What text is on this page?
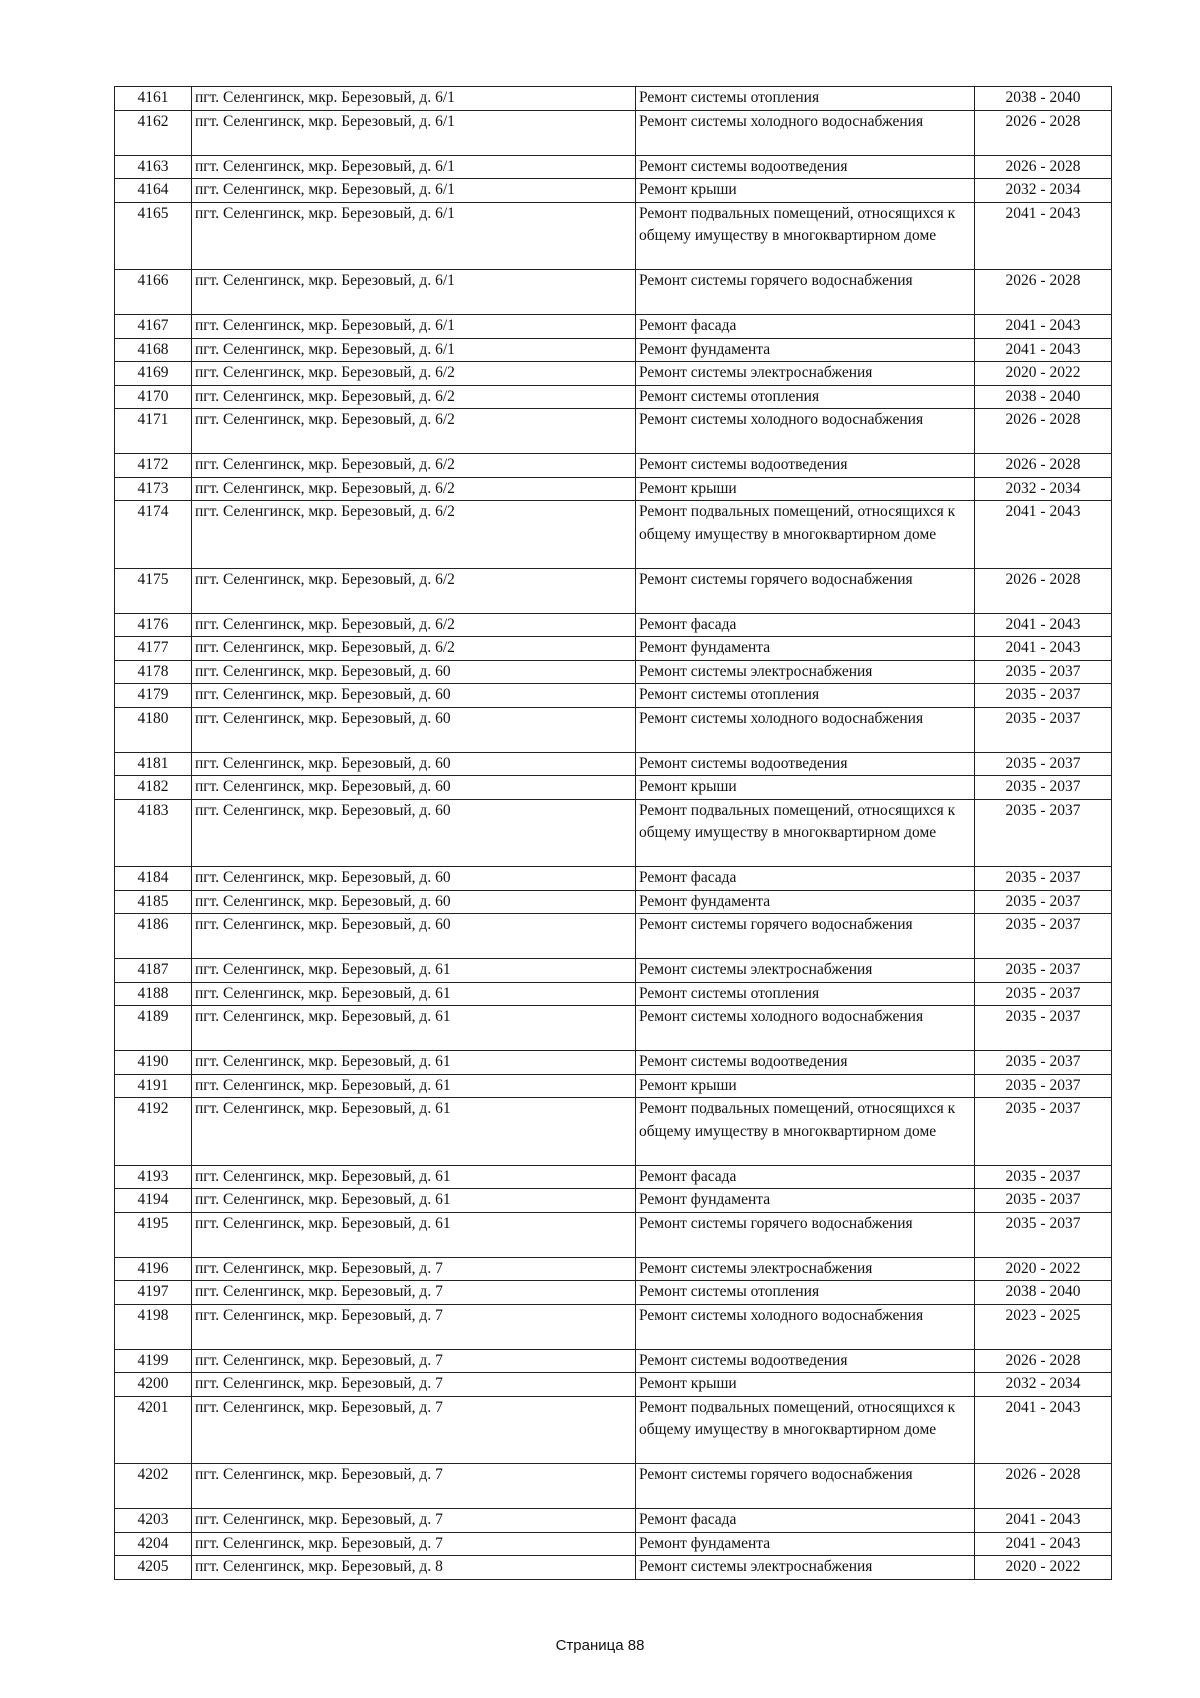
4161	пгт. Селенгинск, мкр. Березовый, д. 6/1	Ремонт системы отопления	2038 - 2040
4162	пгт. Селенгинск, мкр. Березовый, д. 6/1	Ремонт системы холодного водоснабжения	2026 - 2028
4163	пгт. Селенгинск, мкр. Березовый, д. 6/1	Ремонт системы водоотведения	2026 - 2028
4164	пгт. Селенгинск, мкр. Березовый, д. 6/1	Ремонт крыши	2032 - 2034
4165	пгт. Селенгинск, мкр. Березовый, д. 6/1	Ремонт подвальных помещений, относящихся к общему имуществу в многоквартирном доме	2041 - 2043
4166	пгт. Селенгинск, мкр. Березовый, д. 6/1	Ремонт системы горячего водоснабжения	2026 - 2028
4167	пгт. Селенгинск, мкр. Березовый, д. 6/1	Ремонт фасада	2041 - 2043
4168	пгт. Селенгинск, мкр. Березовый, д. 6/1	Ремонт фундамента	2041 - 2043
4169	пгт. Селенгинск, мкр. Березовый, д. 6/2	Ремонт системы электроснабжения	2020 - 2022
4170	пгт. Селенгинск, мкр. Березовый, д. 6/2	Ремонт системы отопления	2038 - 2040
4171	пгт. Селенгинск, мкр. Березовый, д. 6/2	Ремонт системы холодного водоснабжения	2026 - 2028
4172	пгт. Селенгинск, мкр. Березовый, д. 6/2	Ремонт системы водоотведения	2026 - 2028
4173	пгт. Селенгинск, мкр. Березовый, д. 6/2	Ремонт крыши	2032 - 2034
4174	пгт. Селенгинск, мкр. Березовый, д. 6/2	Ремонт подвальных помещений, относящихся к общему имуществу в многоквартирном доме	2041 - 2043
4175	пгт. Селенгинск, мкр. Березовый, д. 6/2	Ремонт системы горячего водоснабжения	2026 - 2028
4176	пгт. Селенгинск, мкр. Березовый, д. 6/2	Ремонт фасада	2041 - 2043
4177	пгт. Селенгинск, мкр. Березовый, д. 6/2	Ремонт фундамента	2041 - 2043
4178	пгт. Селенгинск, мкр. Березовый, д. 60	Ремонт системы электроснабжения	2035 - 2037
4179	пгт. Селенгинск, мкр. Березовый, д. 60	Ремонт системы отопления	2035 - 2037
4180	пгт. Селенгинск, мкр. Березовый, д. 60	Ремонт системы холодного водоснабжения	2035 - 2037
4181	пгт. Селенгинск, мкр. Березовый, д. 60	Ремонт системы водоотведения	2035 - 2037
4182	пгт. Селенгинск, мкр. Березовый, д. 60	Ремонт крыши	2035 - 2037
4183	пгт. Селенгинск, мкр. Березовый, д. 60	Ремонт подвальных помещений, относящихся к общему имуществу в многоквартирном доме	2035 - 2037
4184	пгт. Селенгинск, мкр. Березовый, д. 60	Ремонт фасада	2035 - 2037
4185	пгт. Селенгинск, мкр. Березовый, д. 60	Ремонт фундамента	2035 - 2037
4186	пгт. Селенгинск, мкр. Березовый, д. 60	Ремонт системы горячего водоснабжения	2035 - 2037
4187	пгт. Селенгинск, мкр. Березовый, д. 61	Ремонт системы электроснабжения	2035 - 2037
4188	пгт. Селенгинск, мкр. Березовый, д. 61	Ремонт системы отопления	2035 - 2037
4189	пгт. Селенгинск, мкр. Березовый, д. 61	Ремонт системы холодного водоснабжения	2035 - 2037
4190	пгт. Селенгинск, мкр. Березовый, д. 61	Ремонт системы водоотведения	2035 - 2037
4191	пгт. Селенгинск, мкр. Березовый, д. 61	Ремонт крыши	2035 - 2037
4192	пгт. Селенгинск, мкр. Березовый, д. 61	Ремонт подвальных помещений, относящихся к общему имуществу в многоквартирном доме	2035 - 2037
4193	пгт. Селенгинск, мкр. Березовый, д. 61	Ремонт фасада	2035 - 2037
4194	пгт. Селенгинск, мкр. Березовый, д. 61	Ремонт фундамента	2035 - 2037
4195	пгт. Селенгинск, мкр. Березовый, д. 61	Ремонт системы горячего водоснабжения	2035 - 2037
4196	пгт. Селенгинск, мкр. Березовый, д. 7	Ремонт системы электроснабжения	2020 - 2022
4197	пгт. Селенгинск, мкр. Березовый, д. 7	Ремонт системы отопления	2038 - 2040
4198	пгт. Селенгинск, мкр. Березовый, д. 7	Ремонт системы холодного водоснабжения	2023 - 2025
4199	пгт. Селенгинск, мкр. Березовый, д. 7	Ремонт системы водоотведения	2026 - 2028
4200	пгт. Селенгинск, мкр. Березовый, д. 7	Ремонт крыши	2032 - 2034
4201	пгт. Селенгинск, мкр. Березовый, д. 7	Ремонт подвальных помещений, относящихся к общему имуществу в многоквартирном доме	2041 - 2043
4202	пгт. Селенгинск, мкр. Березовый, д. 7	Ремонт системы горячего водоснабжения	2026 - 2028
4203	пгт. Селенгинск, мкр. Березовый, д. 7	Ремонт фасада	2041 - 2043
4204	пгт. Селенгинск, мкр. Березовый, д. 7	Ремонт фундамента	2041 - 2043
4205	пгт. Селенгинск, мкр. Березовый, д. 8	Ремонт системы электроснабжения	2020 - 2022
Страница 88
